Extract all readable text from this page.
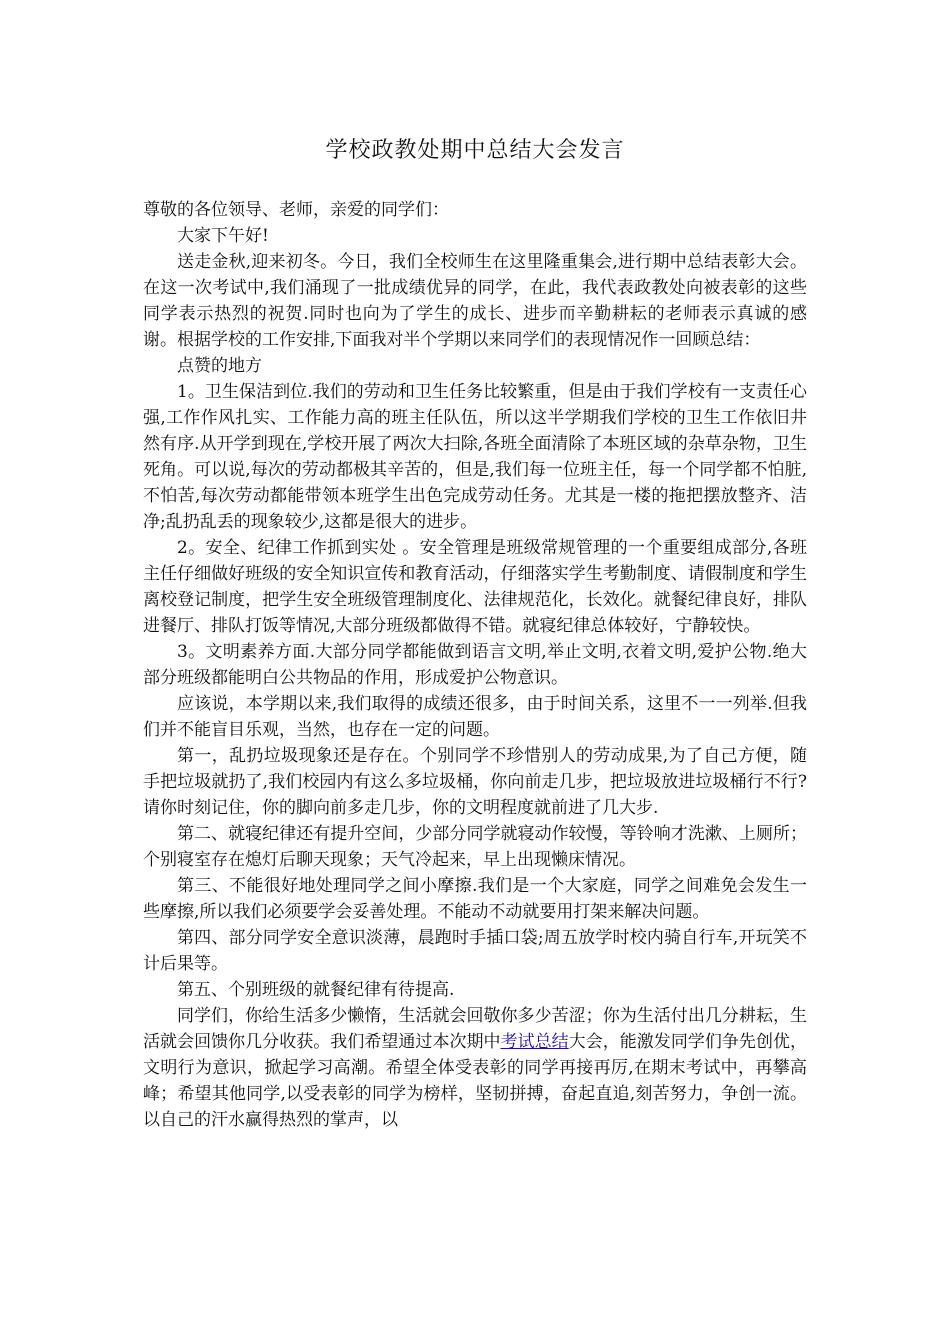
学校政教处期中总结大会发言

尊敬的各位领导、老师，亲爱的同学们：

大家下午好!

送走金秋,迎来初冬。今日，我们全校师生在这里隆重集会,进行期中总结表彰大会。在这一次考试中,我们涌现了一批成绩优异的同学，在此，我代表政教处向被表彰的这些同学表示热烈的祝贺.同时也向为了学生的成长、进步而辛勤耕耘的老师表示真诚的感谢。根据学校的工作安排,下面我对半个学期以来同学们的表现情况作一回顾总结：

点赞的地方

1。卫生保洁到位.我们的劳动和卫生任务比较繁重，但是由于我们学校有一支责任心强,工作作风扎实、工作能力高的班主任队伍，所以这半学期我们学校的卫生工作依旧井然有序.从开学到现在,学校开展了两次大扫除,各班全面清除了本班区域的杂草杂物，卫生死角。可以说,每次的劳动都极其辛苦的，但是,我们每一位班主任，每一个同学都不怕脏,不怕苦,每次劳动都能带领本班学生出色完成劳动任务。尤其是一楼的拖把摆放整齐、洁净;乱扔乱丢的现象较少,这都是很大的进步。

2。安全、纪律工作抓到实处 。安全管理是班级常规管理的一个重要组成部分,各班主任仔细做好班级的安全知识宣传和教育活动，仔细落实学生考勤制度、请假制度和学生离校登记制度，把学生安全班级管理制度化、法律规范化，长效化。就餐纪律良好，排队进餐厅、排队打饭等情况,大部分班级都做得不错。就寝纪律总体较好，宁静较快。

3。文明素养方面.大部分同学都能做到语言文明,举止文明,衣着文明,爱护公物.绝大部分班级都能明白公共物品的作用，形成爱护公物意识。

应该说，本学期以来,我们取得的成绩还很多，由于时间关系，这里不一一列举.但我们并不能盲目乐观，当然，也存在一定的问题。

第一，乱扔垃圾现象还是存在。个别同学不珍惜别人的劳动成果,为了自己方便，随手把垃圾就扔了,我们校园内有这么多垃圾桶，你向前走几步，把垃圾放进垃圾桶行不行?请你时刻记住，你的脚向前多走几步，你的文明程度就前进了几大步.

第二、就寝纪律还有提升空间，少部分同学就寝动作较慢，等铃响才洗漱、上厕所；个别寝室存在熄灯后聊天现象；天气冷起来，早上出现懒床情况。

第三、不能很好地处理同学之间小摩擦.我们是一个大家庭，同学之间难免会发生一些摩擦,所以我们必须要学会妥善处理。不能动不动就要用打架来解决问题。

第四、部分同学安全意识淡薄，晨跑时手插口袋;周五放学时校内骑自行车,开玩笑不计后果等。

第五、个别班级的就餐纪律有待提高.

同学们，你给生活多少懒惰，生活就会回敬你多少苦涩；你为生活付出几分耕耘，生活就会回馈你几分收获。我们希望通过本次期中考试总结大会，能激发同学们争先创优，文明行为意识，掀起学习高潮。希望全体受表彰的同学再接再厉,在期末考试中，再攀高峰；希望其他同学,以受表彰的同学为榜样，坚韧拼搏，奋起直追,刻苦努力，争创一流。以自己的汗水赢得热烈的掌声，以
